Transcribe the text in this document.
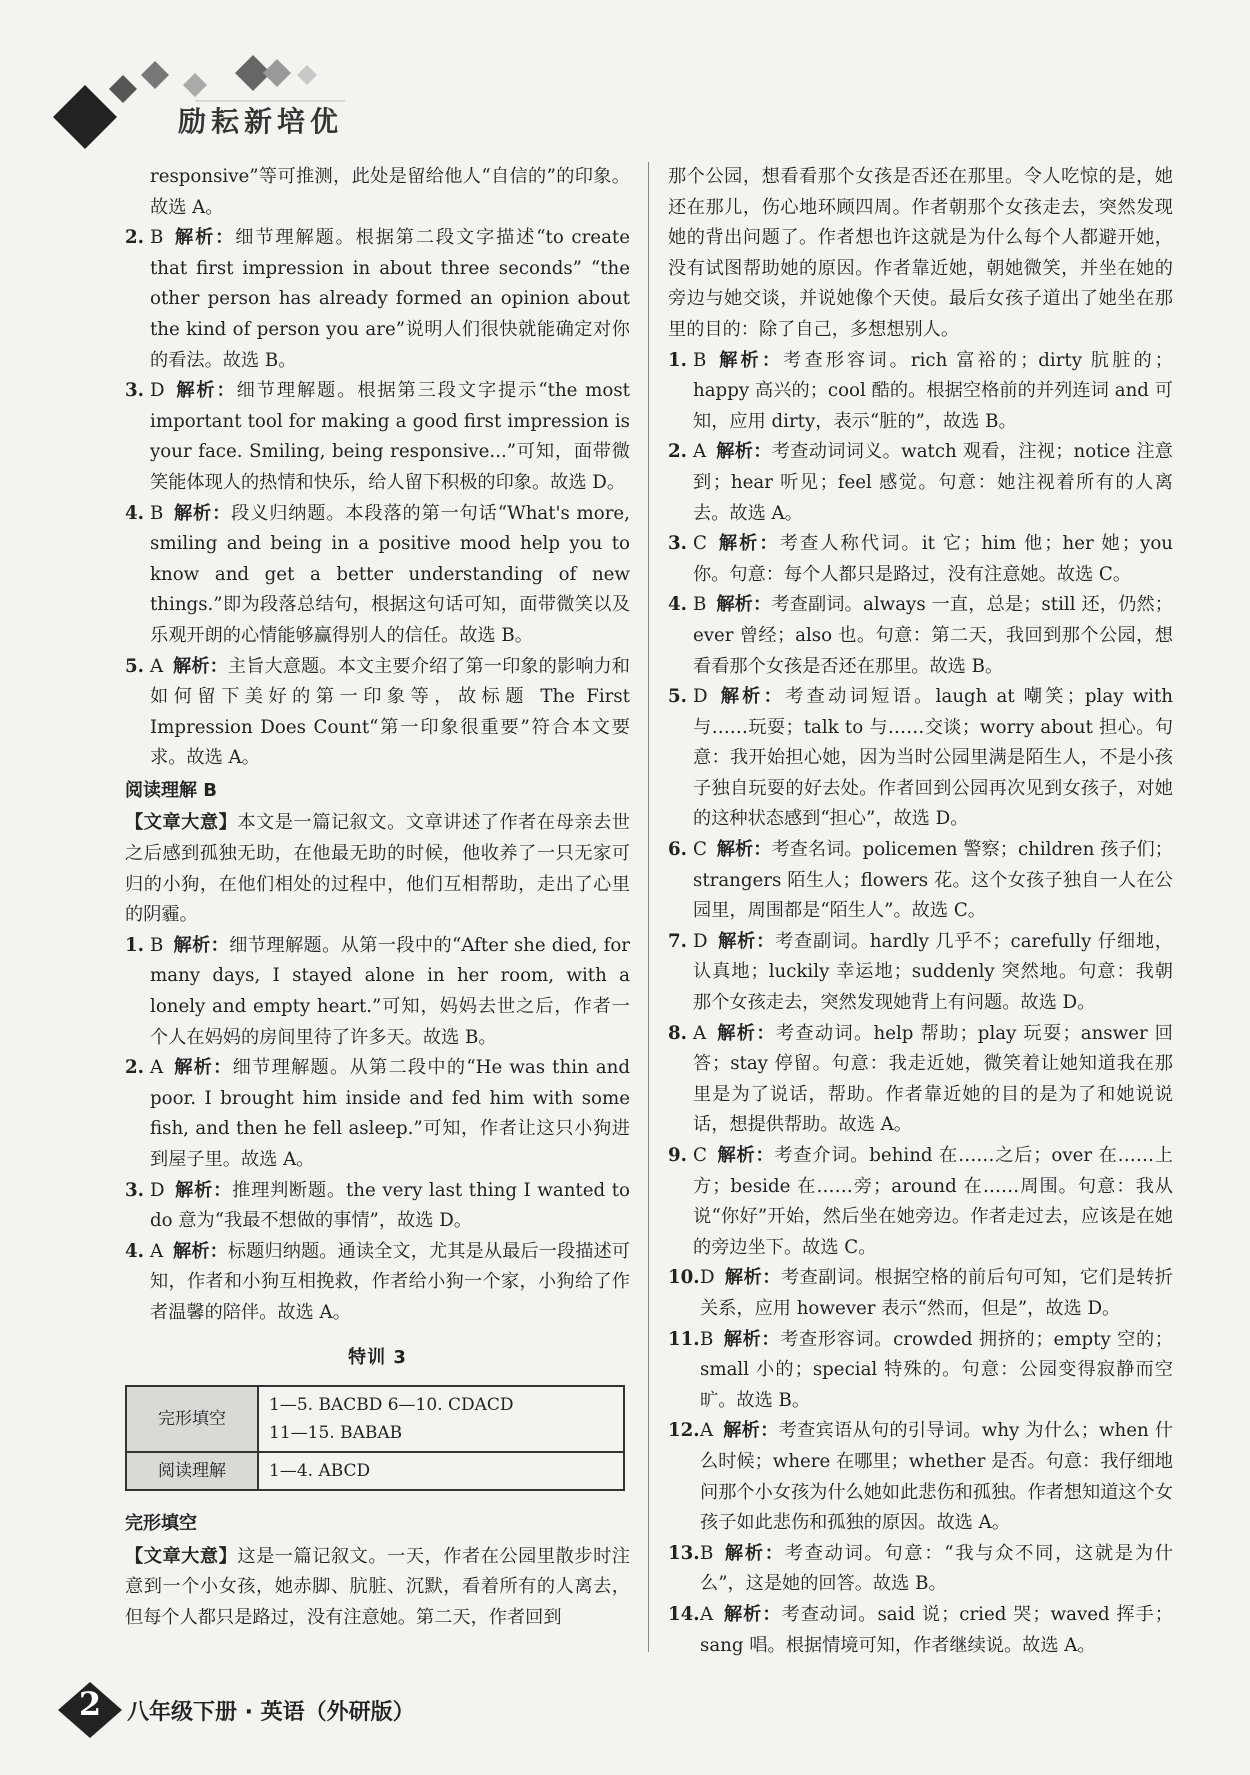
励耘新培优

responsive”等可推测，此处是留给他人“自信的”的印象。故选 A。

2. B 解析：细节理解题。根据第二段文字描述“to create that first impression in about three seconds” “the other person has already formed an opinion about the kind of person you are”说明人们很快就能确定对你的看法。故选 B。
3. D 解析：细节理解题。根据第三段文字提示“the most important tool for making a good first impression is your face. Smiling, being responsive...”可知，面带微笑能体现人的热情和快乐，给人留下积极的印象。故选 D。
4. B 解析：段义归纳题。本段落的第一句话“What's more, smiling and being in a positive mood help you to know and get a better understanding of new things.”即为段落总结句，根据这句话可知，面带微笑以及乐观开朗的心情能够赢得别人的信任。故选 B。
5. A 解析：主旨大意题。本文主要介绍了第一印象的影响力和如何留下美好的第一印象等，故标题 The First Impression Does Count“第一印象很重要”符合本文要求。故选 A。
阅读理解 B

【文章大意】本文是一篇记叙文。文章讲述了作者在母亲去世之后感到孤独无助，在他最无助的时候，他收养了一只无家可归的小狗，在他们相处的过程中，他们互相帮助，走出了心里的阴霾。

1. B 解析：细节理解题。从第一段中的“After she died, for many days, I stayed alone in her room, with a lonely and empty heart.”可知，妈妈去世之后，作者一个人在妈妈的房间里待了许多天。故选 B。
2. A 解析：细节理解题。从第二段中的“He was thin and poor. I brought him inside and fed him with some fish, and then he fell asleep.”可知，作者让这只小狗进到屋子里。故选 A。
3. D 解析：推理判断题。the very last thing I wanted to do 意为“我最不想做的事情”，故选 D。
4. A 解析：标题归纳题。通读全文，尤其是从最后一段描述可知，作者和小狗互相挽救，作者给小狗一个家，小狗给了作者温馨的陪伴。故选 A。
特训 3
完形填空	1—5. BACBD 6—10. CDACD
11—15. BABAB

阅读理解	1—4. ABCD
完形填空

【文章大意】这是一篇记叙文。一天，作者在公园里散步时注意到一个小女孩，她赤脚、肮脏、沉默，看着所有的人离去，但每个人都只是路过，没有注意她。第二天，作者回到

那个公园，想看看那个女孩是否还在那里。令人吃惊的是，她还在那儿，伤心地环顾四周。作者朝那个女孩走去，突然发现她的背出问题了。作者想也许这就是为什么每个人都避开她，没有试图帮助她的原因。作者靠近她，朝她微笑，并坐在她的旁边与她交谈，并说她像个天使。最后女孩子道出了她坐在那里的目的：除了自己，多想想别人。

1. B 解析：考查形容词。rich 富裕的；dirty 肮脏的；happy 高兴的；cool 酷的。根据空格前的并列连词 and 可知，应用 dirty，表示“脏的”，故选 B。
2. A 解析：考查动词词义。watch 观看，注视；notice 注意到；hear 听见；feel 感觉。句意：她注视着所有的人离去。故选 A。
3. C 解析：考查人称代词。it 它；him 他；her 她；you 你。句意：每个人都只是路过，没有注意她。故选 C。
4. B 解析：考查副词。always 一直，总是；still 还，仍然；ever 曾经；also 也。句意：第二天，我回到那个公园，想看看那个女孩是否还在那里。故选 B。
5. D 解析：考查动词短语。laugh at 嘲笑；play with 与……玩耍；talk to 与……交谈；worry about 担心。句意：我开始担心她，因为当时公园里满是陌生人，不是小孩子独自玩耍的好去处。作者回到公园再次见到女孩子，对她的这种状态感到“担心”，故选 D。
6. C 解析：考查名词。policemen 警察；children 孩子们；strangers 陌生人；flowers 花。这个女孩子独自一人在公园里，周围都是“陌生人”。故选 C。
7. D 解析：考查副词。hardly 几乎不；carefully 仔细地，认真地；luckily 幸运地；suddenly 突然地。句意：我朝那个女孩走去，突然发现她背上有问题。故选 D。
8. A 解析：考查动词。help 帮助；play 玩耍；answer 回答；stay 停留。句意：我走近她，微笑着让她知道我在那里是为了说话，帮助。作者靠近她的目的是为了和她说说话，想提供帮助。故选 A。
9. C 解析：考查介词。behind 在……之后；over 在……上方；beside 在……旁；around 在……周围。句意：我从说“你好”开始，然后坐在她旁边。作者走过去，应该是在她的旁边坐下。故选 C。
10. D 解析：考查副词。根据空格的前后句可知，它们是转折关系，应用 however 表示“然而，但是”，故选 D。
11. B 解析：考查形容词。crowded 拥挤的；empty 空的；small 小的；special 特殊的。句意：公园变得寂静而空旷。故选 B。
12. A 解析：考查宾语从句的引导词。why 为什么；when 什么时候；where 在哪里；whether 是否。句意：我仔细地问那个小女孩为什么她如此悲伤和孤独。作者想知道这个女孩子如此悲伤和孤独的原因。故选 A。
13. B 解析：考查动词。句意：“我与众不同，这就是为什么”，这是她的回答。故选 B。
14. A 解析：考查动词。said 说；cried 哭；waved 挥手；sang 唱。根据情境可知，作者继续说。故选 A。
2	八年级下册 · 英语（外研版）
